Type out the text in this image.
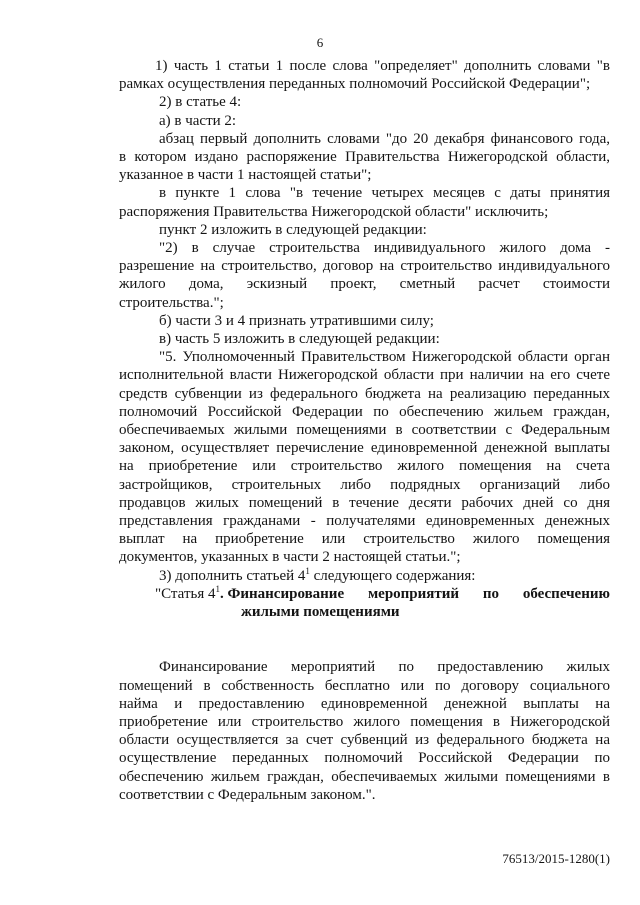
6
1) часть 1 статьи 1 после слова "определяет" дополнить словами "в
рамках осуществления переданных полномочий Российской Федерации";
2) в статье 4:
а) в части 2:
абзац первый дополнить словами "до 20 декабря финансового года,
в котором издано распоряжение Правительства Нижегородской области,
указанное в части 1 настоящей статьи";
в пункте 1 слова "в течение четырех месяцев с даты принятия
распоряжения Правительства Нижегородской области" исключить;
пункт 2 изложить в следующей редакции:
"2) в случае строительства индивидуального жилого дома -
разрешение на строительство, договор на строительство индивидуального
жилого дома, эскизный проект, сметный расчет стоимости
строительства.";
б) части 3 и 4 признать утратившими силу;
в) часть 5 изложить в следующей редакции:
"5. Уполномоченный Правительством Нижегородской области орган
исполнительной власти Нижегородской области при наличии на его счете
средств субвенции из федерального бюджета на реализацию переданных
полномочий Российской Федерации по обеспечению жильем граждан,
обеспечиваемых жилыми помещениями в соответствии с Федеральным
законом, осуществляет перечисление единовременной денежной выплаты
на приобретение или строительство жилого помещения на счета
застройщиков, строительных либо подрядных организаций либо
продавцов жилых помещений в течение десяти рабочих дней со дня
представления гражданами - получателями единовременных денежных
выплат на приобретение или строительство жилого помещения
документов, указанных в части 2 настоящей статьи.";
3) дополнить статьей $4^1$ следующего содержания:
"Статья $4^1$. Финансирование мероприятий по обеспечению
жилыми помещениями
Финансирование мероприятий по предоставлению жилых
помещений в собственность бесплатно или по договору социального
найма и предоставлению единовременной денежной выплаты на
приобретение или строительство жилого помещения в Нижегородской
области осуществляется за счет субвенций из федерального бюджета на
осуществление переданных полномочий Российской Федерации по
обеспечению жильем граждан, обеспечиваемых жилыми помещениями в
соответствии с Федеральным законом.".
76513/2015-1280(1)
